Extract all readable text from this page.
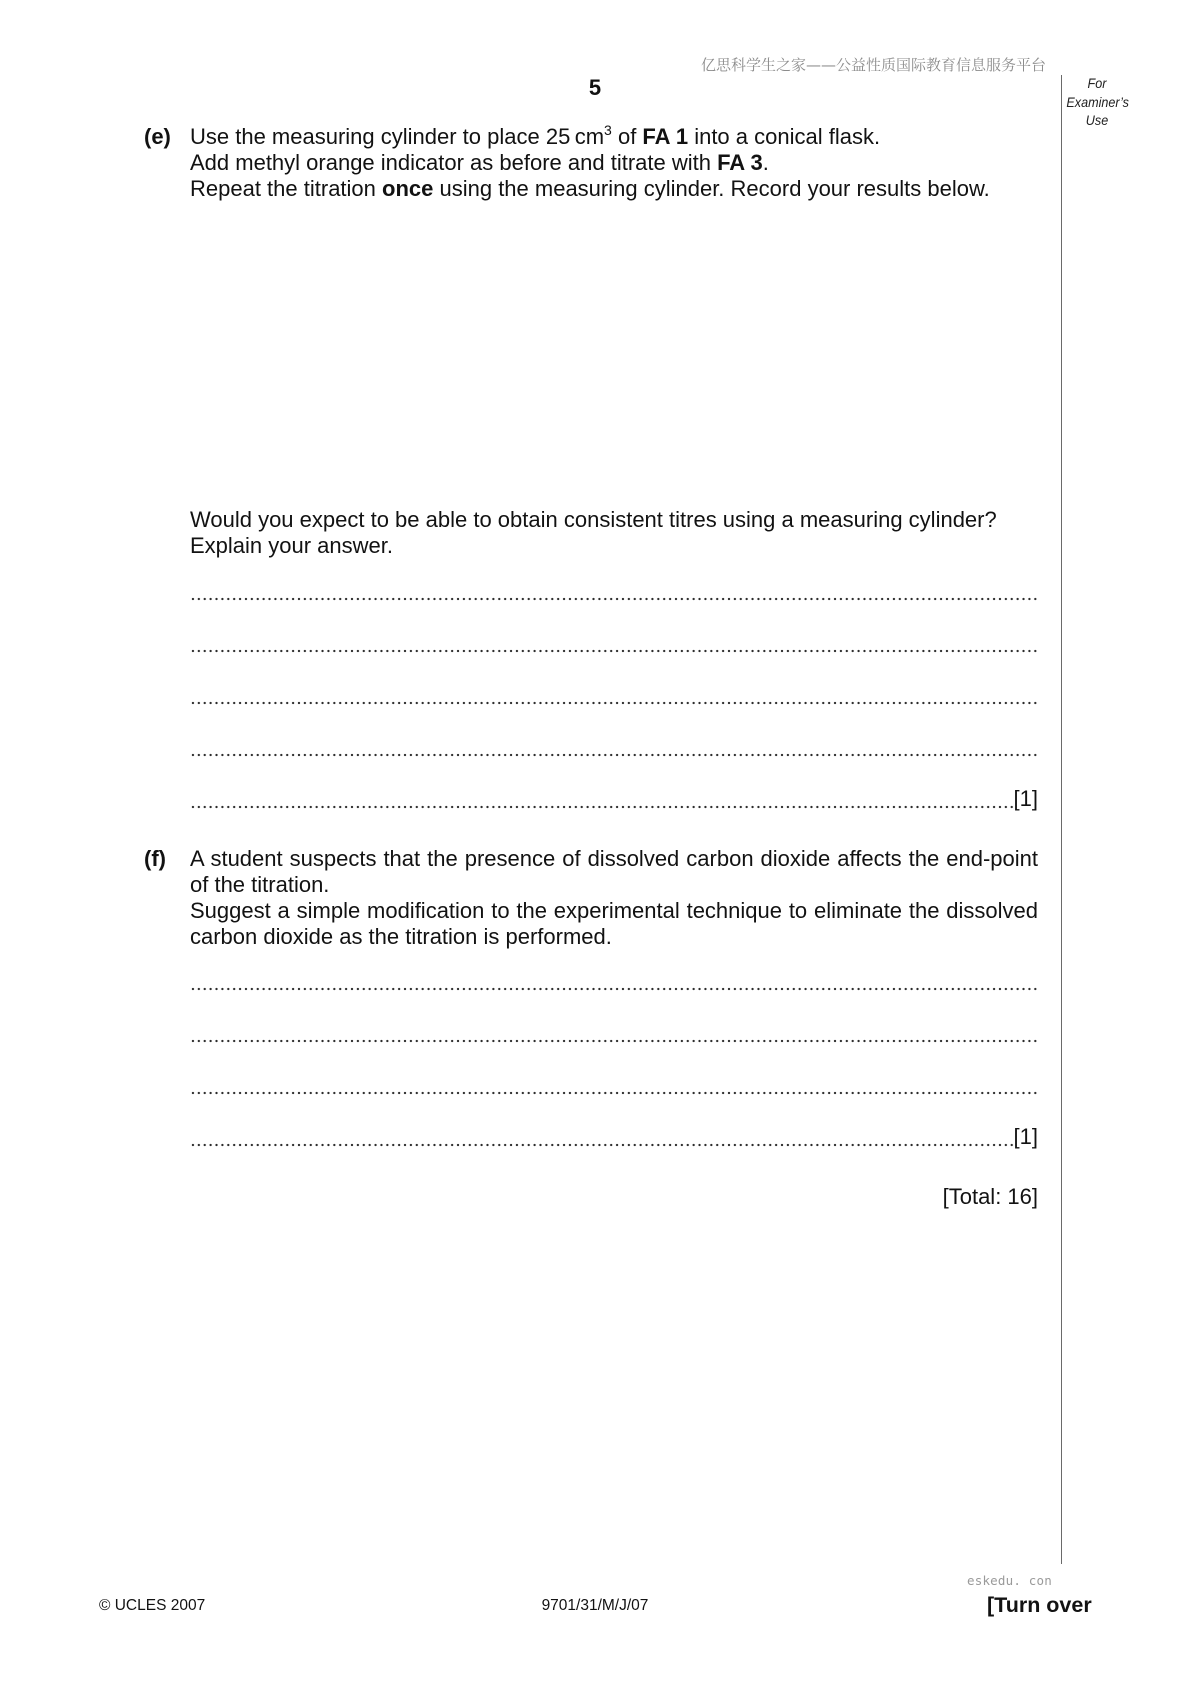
亿思科学生之家——公益性质国际教育信息服务平台
5	For
Examiner’s
Use
(e) Use the measuring cylinder to place 25 $cm^3$ of FA 1 into a conical flask.

Add methyl orange indicator as before and titrate with FA 3.

Repeat the titration once using the measuring cylinder. Record your results below.

Would you expect to be able to obtain consistent titres using a measuring cylinder?

Explain your answer.

[1]
(f) A student suspects that the presence of dissolved carbon dioxide affects the end-point of the titration.

Suggest a simple modification to the experimental technique to eliminate the dissolved carbon dioxide as the titration is performed.

[1]
[Total: 16]
eskedu. con
© UCLES 2007	9701/31/M/J/07	[Turn over
